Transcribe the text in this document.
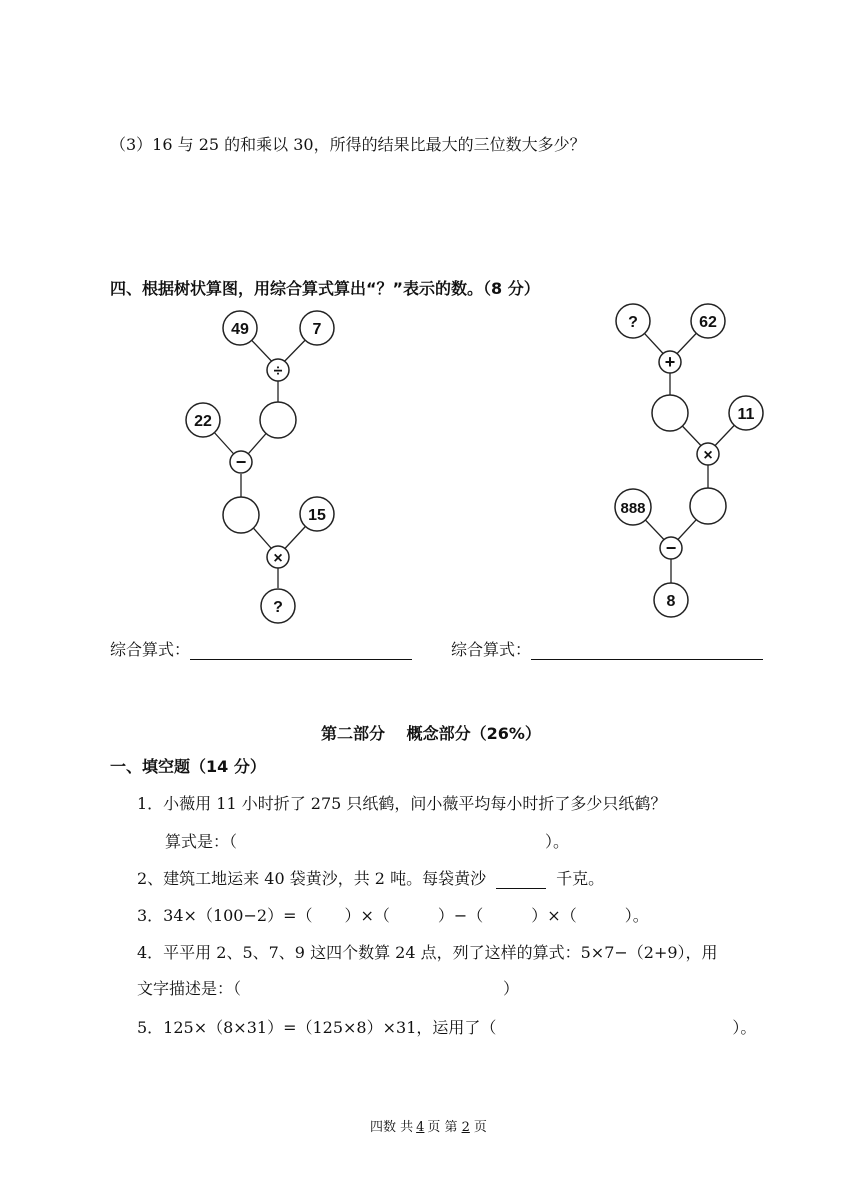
（3）16 与 25 的和乘以 30，所得的结果比最大的三位数大多少？
四、根据树状算图，用综合算式算出“？”表示的数。（8 分）
49	7
÷
22
−
15
×
?
?	62
+
11
×
888
−
8
综合算式：	综合算式：
第二部分　 概念部分（26%）
一、填空题（14 分）
1．小薇用 11 小时折了 275 只纸鹤，问小薇平均每小时折了多少只纸鹤？
算式是：（	）。
2、建筑工地运来 40 袋黄沙，共 2 吨。每袋黄沙	千克。
3．34×（100−2）=（　　）×（　　　）−（　　　）×（　　　）。
4．平平用 2、5、7、9 这四个数算 24 点，列了这样的算式：5×7−（2+9），用
文字描述是：（	）
5．125×（8×31）=（125×8）×31，运用了（	）。
四数 共 4 页 第 2 页
